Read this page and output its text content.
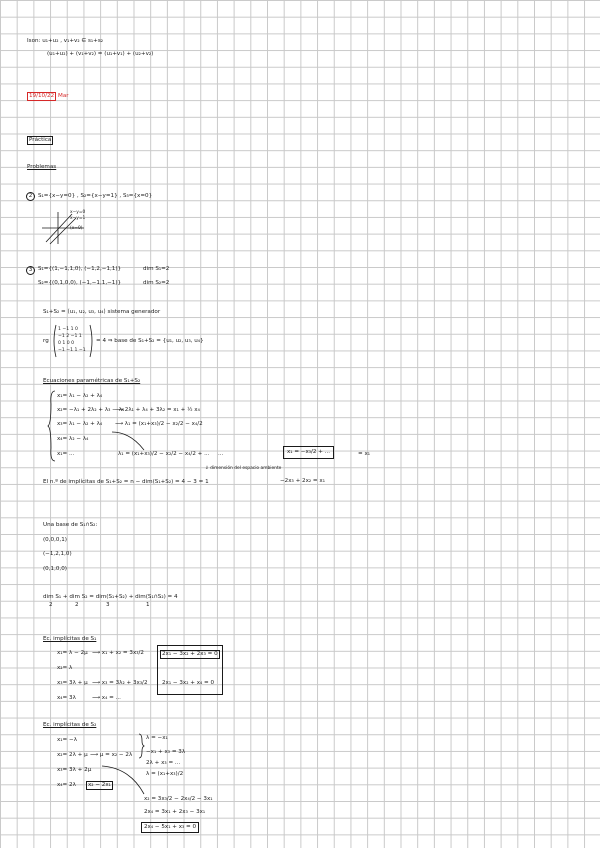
Ison: u₁+u₂ , v₁+v₂ ∈ s₁+s₂
(u₁+u₂) + (v₁+v₂) = (u₁+v₁) + (u₂+v₂)
19/10/22 Mar
Práctica
Problemas
2	S₁={x−y=0} , S₂={x−y=1} , S₃={x=0}
x−y=0
x−y=1
(x=0)
3	S₁={(1,−1,1,0), (−1,2,−1,1)}	dim S₁=2
S₂={(0,1,0,0), (−1,−1,1,−1)}	dim S₂=2
S₁+S₂ = ⟨u₁, u₂, u₃, u₄⟩ sistema generador
rg
1 −1 1 0
−1 2 −1 1
0 1 0 0
−1 −1 1 −1
= 4 ⇒ base de S₁+S₂ = {u₁, u₂, u₃, u₄}
Ecuaciones paramétricas de S₁+S₂
x₁= λ₁ − λ₂ + λ₄
x₂= −λ₁ + 2λ₂ + λ₃ − λ₄
x₃= λ₁ − λ₂ + λ₄
x₄= λ₂ − λ₄
x₁= ...
⟶ 2λ₁ + λ₄ + 3λ₂ = x₁ + ½ x₄
⟶ λ₁ = (x₁+x₃)/2 − x₂/2 − x₄/2
λ₁ = (x₁+x₃)/2 − x₂/2 − x₄/2 + ... ...	x₁ = −x₃/2 + ...	= x₁
⇓ dimensión del espacio ambiente
−2x₃ + 2x₂ = x₁
El n.º de implícitas de S₁+S₂ = n − dim(S₁+S₂) = 4 − 3 = 1
Una base de S₁∩S₂:
(0,0,0,1)
(−1,2,1,0)
(0,1,0,0)
dim S₁ + dim S₂ = dim(S₁+S₂) + dim(S₁∩S₂) = 4
2	2	3	1
Ec. implícitas de S₁
x₁= λ − 2μ
x₂= λ
x₃= 3λ + μ
x₄= 3λ
⟶ x₁ + x₂ = 3x₃/2
⟶ x₃ = 3λ₂ + 3x₃/2
⟶ x₄ = ...
2x₁ − 3x₂ + 2x₃ = 0
2x₁ − 3x₂ + x₄ = 0
Ec. implícitas de S₂
x₁= −λ
x₂= 2λ + μ
x₃= 3λ + 2μ
x₄= 2λ
⟶ μ = x₂ − 2λ
x₂ − 2x₁
λ = −x₁
−x₁ + x₃ = 3λ
2λ + x₃ = ...
λ = (x₁+x₃)/2
x₂ = 3x₃/2 − 2x₄/2 − 3x₁
2x₄ = 3x₁ + 2x₃ − 3x₁
2x₄ − 5x₁ + x₃ = 0
